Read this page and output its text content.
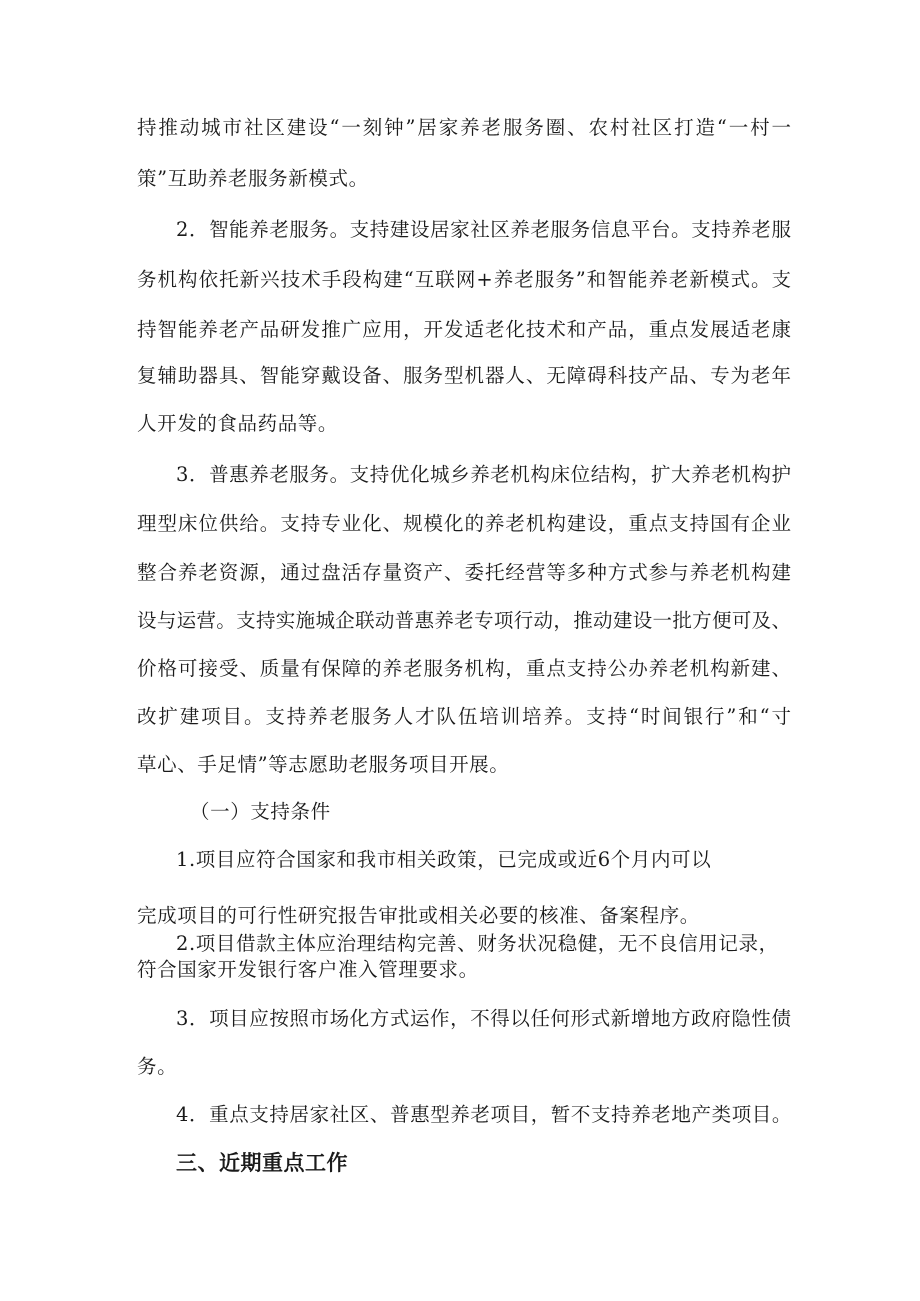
持推动城市社区建设“一刻钟”居家养老服务圈、农村社区打造“一村一
策”互助养老服务新模式。
2．智能养老服务。支持建设居家社区养老服务信息平台。支持养老服
务机构依托新兴技术手段构建“互联网+养老服务”和智能养老新模式。支
持智能养老产品研发推广应用，开发适老化技术和产品，重点发展适老康
复辅助器具、智能穿戴设备、服务型机器人、无障碍科技产品、专为老年
人开发的食品药品等。
3．普惠养老服务。支持优化城乡养老机构床位结构，扩大养老机构护
理型床位供给。支持专业化、规模化的养老机构建设，重点支持国有企业
整合养老资源，通过盘活存量资产、委托经营等多种方式参与养老机构建
设与运营。支持实施城企联动普惠养老专项行动，推动建设一批方便可及、
价格可接受、质量有保障的养老服务机构，重点支持公办养老机构新建、
改扩建项目。支持养老服务人才队伍培训培养。支持“时间银行”和“寸
草心、手足情”等志愿助老服务项目开展。
（一）支持条件
1.项目应符合国家和我市相关政策，已完成或近6个月内可以
完成项目的可行性研究报告审批或相关必要的核准、备案程序。
2.项目借款主体应治理结构完善、财务状况稳健，无不良信用记录，
符合国家开发银行客户准入管理要求。
3．项目应按照市场化方式运作，不得以任何形式新增地方政府隐性债
务。
4．重点支持居家社区、普惠型养老项目，暂不支持养老地产类项目。
三、近期重点工作
